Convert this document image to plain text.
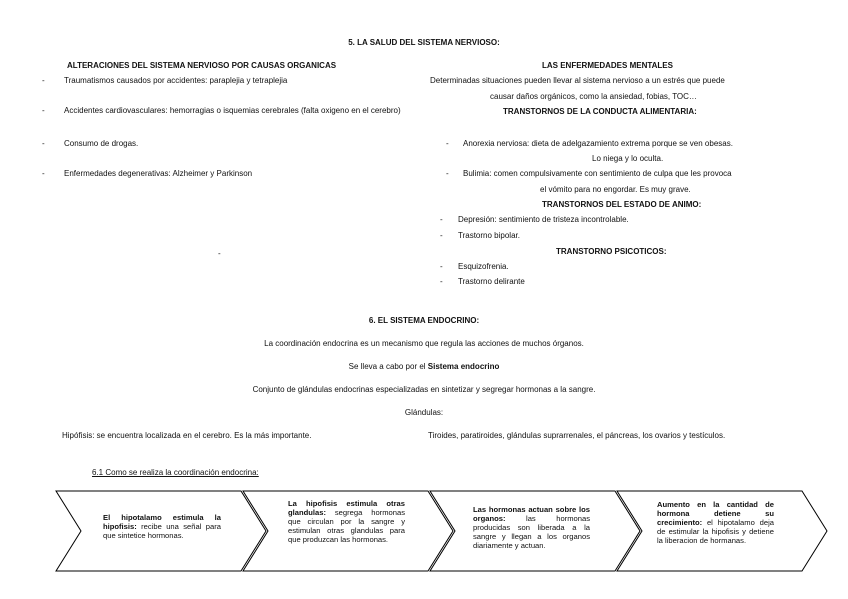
5. LA SALUD DEL SISTEMA NERVIOSO:
ALTERACIONES DEL SISTEMA NERVIOSO POR CAUSAS ORGANICAS
-	Traumatismos causados por accidentes: paraplejia y tetraplejia
-	Accidentes cardiovasculares: hemorragias o isquemias cerebrales (falta oxigeno en el cerebro)
-	Consumo de drogas.
-	Enfermedades degenerativas: Alzheimer y Parkinson
-
LAS ENFERMEDADES MENTALES
Determinadas situaciones pueden llevar al sistema nervioso a un estrés que puede
causar daños orgánicos, como la ansiedad, fobias, TOC…
TRANSTORNOS DE LA CONDUCTA ALIMENTARIA:
-	Anorexia nerviosa: dieta de adelgazamiento extrema porque se ven obesas.
Lo niega y lo oculta.
-	Bulimia: comen compulsivamente con sentimiento de culpa que les provoca
el vómito para no engordar. Es muy grave.
TRANSTORNOS DEL ESTADO DE ANIMO:
-	Depresión: sentimiento de tristeza incontrolable.
-	Trastorno bipolar.
TRANSTORNO PSICOTICOS:
-	Esquizofrenia.
-	Trastorno delirante
6. EL SISTEMA ENDOCRINO:
La coordinación endocrina es un mecanismo que regula las acciones de muchos órganos.
Se lleva a cabo por el Sistema endocrino
Conjunto de glándulas endocrinas especializadas en sintetizar y segregar hormonas a la sangre.
Glándulas:
Hipófisis: se encuentra localizada en el cerebro. Es la más importante.	Tiroides, paratiroides, glándulas suprarrenales, el páncreas, los ovarios y testículos.
6.1 Como se realiza la coordinación endocrina:
El hipotalamo estimula la hipofisis: recibe una señal para que sintetice hormonas.
La hipofisis estimula otras glandulas: segrega hormonas que circulan por la sangre y estimulan otras glandulas para que produzcan las hormonas.
Las hormonas actuan sobre los organos: las hormonas producidas son liberada a la sangre y llegan a los organos diariamente y actuan.
Aumento en la cantidad de hormona detiene su crecimiento: el hipotalamo deja de estimular la hipofisis y detiene la liberacion de hormanas.
